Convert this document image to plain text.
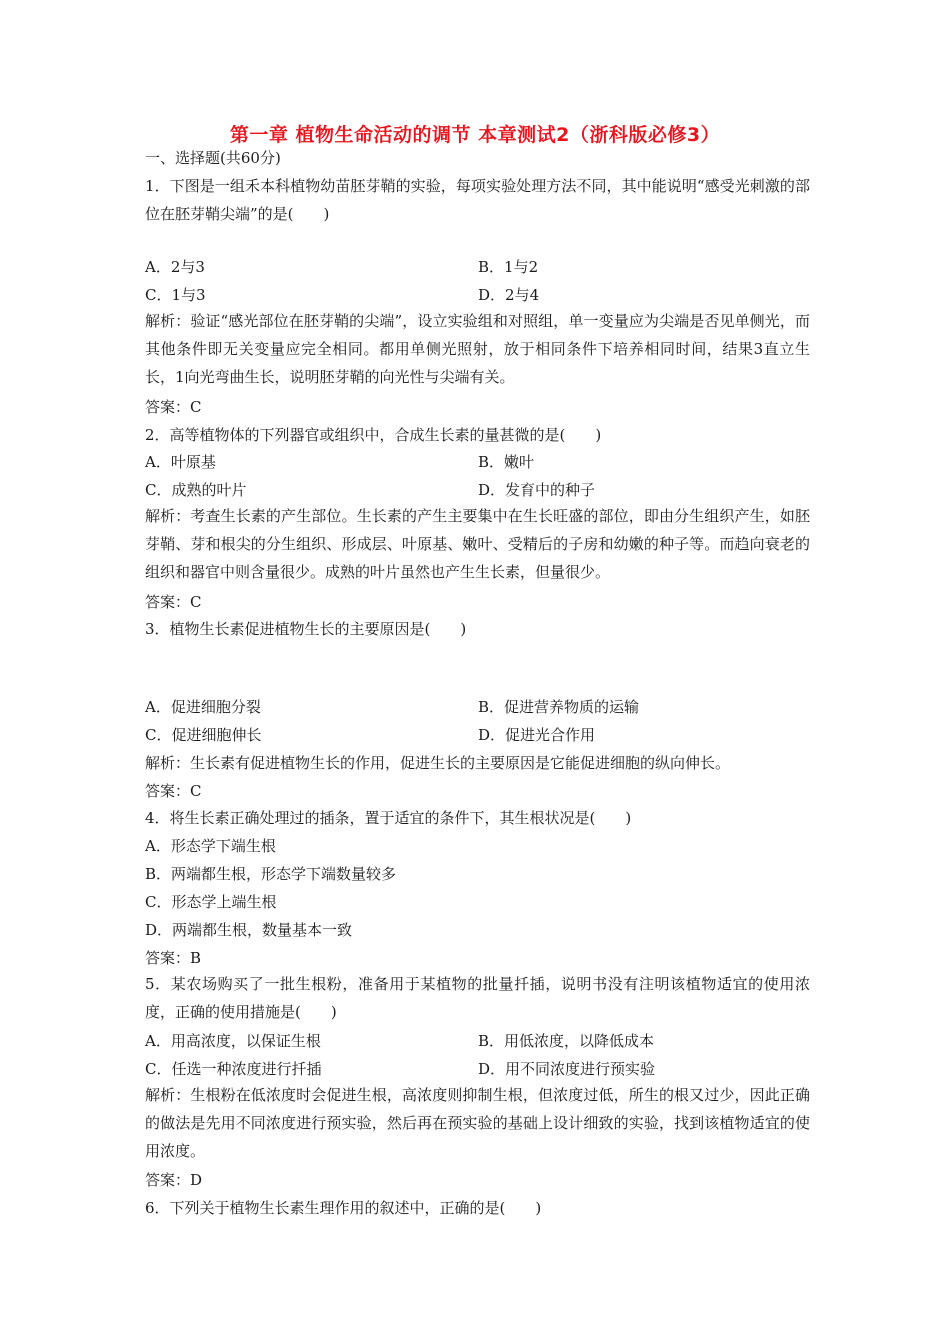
第一章 植物生命活动的调节 本章测试2（浙科版必修3）
一、选择题(共60分)
1．下图是一组禾本科植物幼苗胚芽鞘的实验，每项实验处理方法不同，其中能说明“感受光刺激的部位在胚芽鞘尖端”的是(　　)
A．2与3	B．1与2
C．1与3	D．2与4
解析：验证“感光部位在胚芽鞘的尖端”，设立实验组和对照组，单一变量应为尖端是否见单侧光，而其他条件即无关变量应完全相同。都用单侧光照射，放于相同条件下培养相同时间，结果3直立生长，1向光弯曲生长，说明胚芽鞘的向光性与尖端有关。
答案：C
2．高等植物体的下列器官或组织中，合成生长素的量甚微的是(　　)
A．叶原基	B．嫩叶
C．成熟的叶片	D．发育中的种子
解析：考查生长素的产生部位。生长素的产生主要集中在生长旺盛的部位，即由分生组织产生，如胚芽鞘、芽和根尖的分生组织、形成层、叶原基、嫩叶、受精后的子房和幼嫩的种子等。而趋向衰老的组织和器官中则含量很少。成熟的叶片虽然也产生生长素，但量很少。
答案：C
3．植物生长素促进植物生长的主要原因是(　　)
A．促进细胞分裂	B．促进营养物质的运输
C．促进细胞伸长	D．促进光合作用
解析：生长素有促进植物生长的作用，促进生长的主要原因是它能促进细胞的纵向伸长。
答案：C
4．将生长素正确处理过的插条，置于适宜的条件下，其生根状况是(　　)
A．形态学下端生根
B．两端都生根，形态学下端数量较多
C．形态学上端生根
D．两端都生根，数量基本一致
答案：B
5．某农场购买了一批生根粉，准备用于某植物的批量扦插，说明书没有注明该植物适宜的使用浓度，正确的使用措施是(　　)
A．用高浓度，以保证生根	B．用低浓度，以降低成本
C．任选一种浓度进行扦插	D．用不同浓度进行预实验
解析：生根粉在低浓度时会促进生根，高浓度则抑制生根，但浓度过低，所生的根又过少，因此正确的做法是先用不同浓度进行预实验，然后再在预实验的基础上设计细致的实验，找到该植物适宜的使用浓度。
答案：D
6．下列关于植物生长素生理作用的叙述中，正确的是(　　)
